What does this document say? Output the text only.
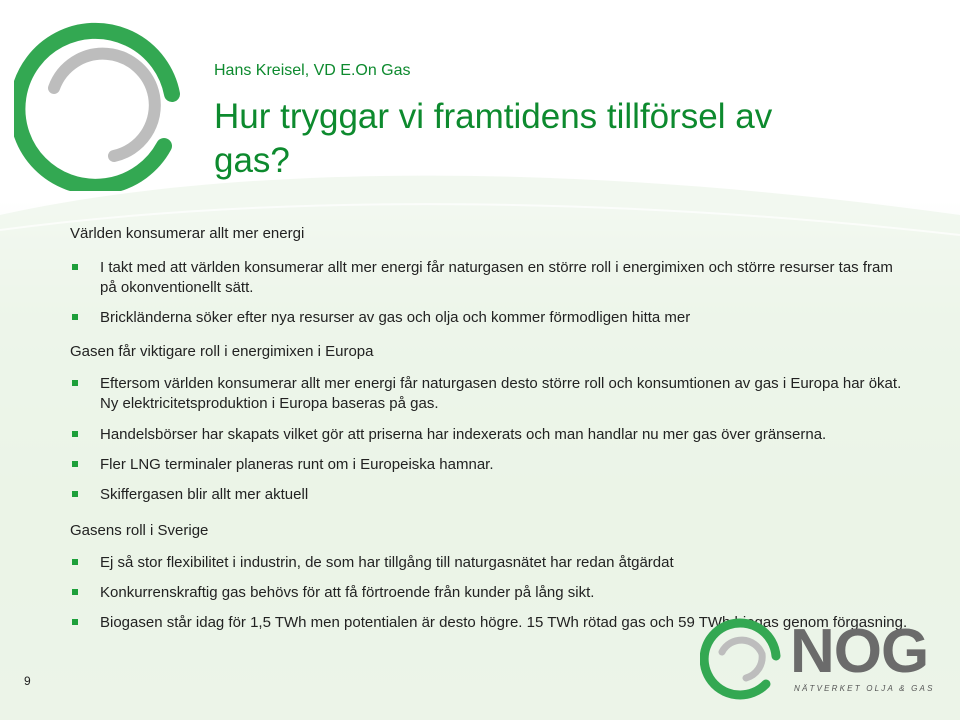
Hans Kreisel, VD E.On Gas
Hur tryggar vi framtidens tillförsel av gas?

Världen konsumerar allt mer energi

I takt med att världen konsumerar allt mer energi får naturgasen en större roll i energimixen och större resurser tas fram på okonventionellt sätt.
Brickländerna söker efter nya resurser av gas och olja och kommer förmodligen hitta mer

Gasen får viktigare roll i energimixen i Europa

Eftersom världen konsumerar allt mer energi får naturgasen desto större roll och konsumtionen av gas i Europa har ökat. Ny elektricitetsproduktion i Europa baseras på gas.
Handelsbörser har skapats vilket gör att priserna har indexerats och man handlar nu mer gas över gränserna.
Fler LNG terminaler planeras runt om i Europeiska hamnar.
Skiffergasen blir allt mer aktuell

Gasens roll i Sverige

Ej så stor flexibilitet i industrin, de som har tillgång till naturgasnätet har redan åtgärdat
Konkurrenskraftig gas behövs för att få förtroende från kunder på lång sikt.
Biogasen står idag för 1,5 TWh men potentialen är desto högre. 15 TWh rötad gas och 59 TWh biogas genom förgasning.
9	NOG
NÄTVERKET OLJA & GAS
